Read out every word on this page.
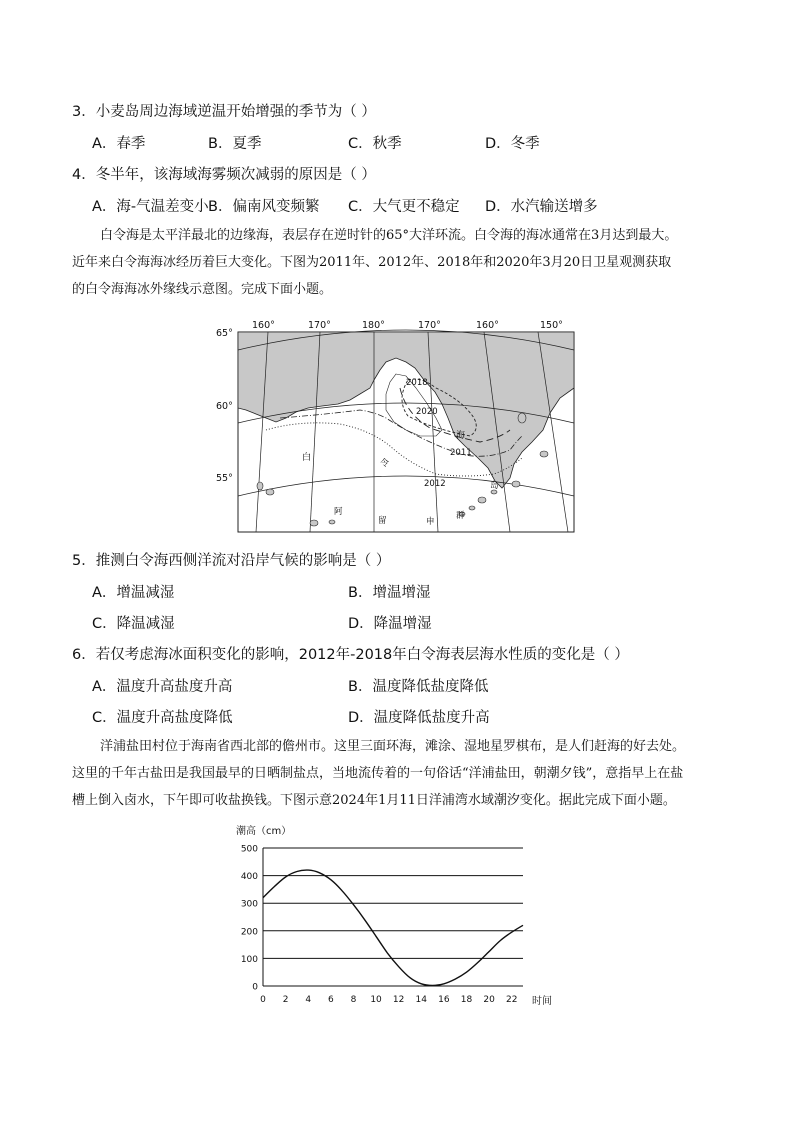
3．小麦岛周边海域逆温开始增强的季节为（ ）
A．春季	B．夏季	C．秋季	D．冬季
4．冬半年，该海域海雾频次减弱的原因是（ ）
A．海-气温差变小 B．偏南风变频繁 C．大气更不稳定 D．水汽输送增多
白令海是太平洋最北的边缘海，表层存在逆时针的65°大洋环流。白令海的海冰通常在3月达到最大。
近年来白令海海冰经历着巨大变化。下图为2011年、2012年、2018年和2020年3月20日卫星观测获取
的白令海海冰外缘线示意图。完成下面小题。
160°	170°	180°	170°	160°	150°
65°
60°
55°
2018
2020
2011
2012
白
令
海
阿
留	申
群
岛
5．推测白令海西侧洋流对沿岸气候的影响是（ ）
A．增温减湿	B．增温增湿
C．降温减湿	D．降温增湿
6．若仅考虑海冰面积变化的影响，2012年-2018年白令海表层海水性质的变化是（ ）
A．温度升高盐度升高	B．温度降低盐度降低
C．温度升高盐度降低	D．温度降低盐度升高
洋浦盐田村位于海南省西北部的儋州市。这里三面环海，滩涂、湿地星罗棋布，是人们赶海的好去处。
这里的千年古盐田是我国最早的日晒制盐点，当地流传着的一句俗话“洋浦盐田，朝潮夕钱”，意指早上在盐
槽上倒入卤水，下午即可收盐换钱。下图示意2024年1月11日洋浦湾水域潮汐变化。据此完成下面小题。
潮高（cm）
时间
0
100
200
300
400
500
0 2 4 6 8 10 12 14 16 18 20 22
